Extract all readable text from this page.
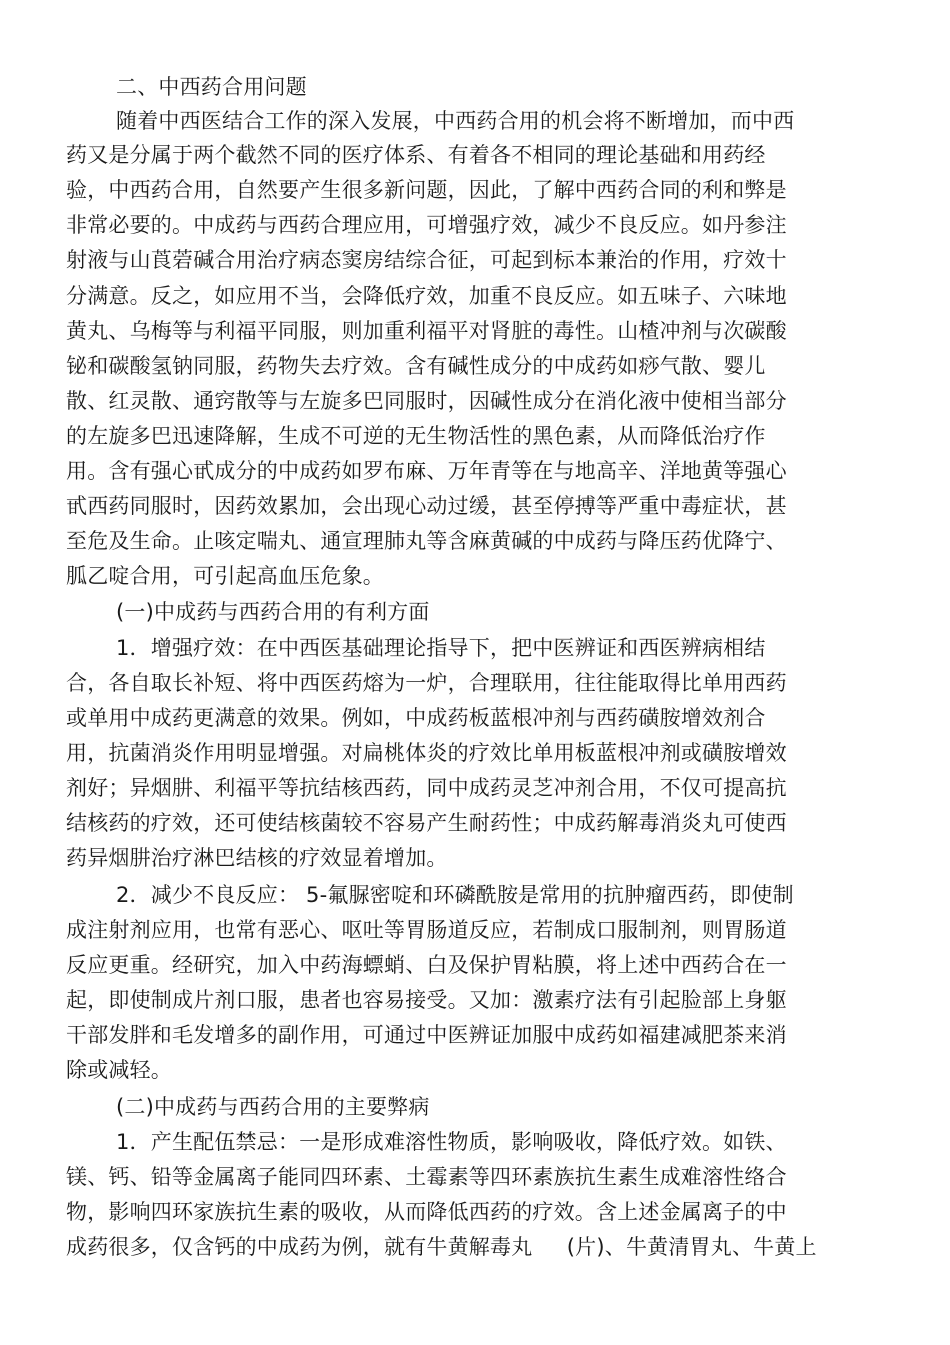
二、中西药合用问题
随着中西医结合工作的深入发展，中西药合用的机会将不断增加，而中西
药又是分属于两个截然不同的医疗体系、有着各不相同的理论基础和用药经
验，中西药合用，自然要产生很多新问题，因此，了解中西药合同的利和弊是
非常必要的。中成药与西药合理应用，可增强疗效，减少不良反应。如丹参注
射液与山莨菪碱合用治疗病态窦房结综合征，可起到标本兼治的作用，疗效十
分满意。反之，如应用不当，会降低疗效，加重不良反应。如五味子、六味地
黄丸、乌梅等与利福平同服，则加重利福平对肾脏的毒性。山楂冲剂与次碳酸
铋和碳酸氢钠同服，药物失去疗效。含有碱性成分的中成药如痧气散、婴儿
散、红灵散、通窍散等与左旋多巴同服时，因碱性成分在消化液中使相当部分
的左旋多巴迅速降解，生成不可逆的无生物活性的黑色素，从而降低治疗作
用。含有强心甙成分的中成药如罗布麻、万年青等在与地高辛、洋地黄等强心
甙西药同服时，因药效累加，会出现心动过缓，甚至停搏等严重中毒症状，甚
至危及生命。止咳定喘丸、通宣理肺丸等含麻黄碱的中成药与降压药优降宁、
胍乙啶合用，可引起高血压危象。
(一)中成药与西药合用的有利方面
1．增强疗效：在中西医基础理论指导下，把中医辨证和西医辨病相结
合，各自取长补短、将中西医药熔为一炉，合理联用，往往能取得比单用西药
或单用中成药更满意的效果。例如，中成药板蓝根冲剂与西药磺胺增效剂合
用，抗菌消炎作用明显增强。对扁桃体炎的疗效比单用板蓝根冲剂或磺胺增效
剂好；异烟肼、利福平等抗结核西药，同中成药灵芝冲剂合用，不仅可提高抗
结核药的疗效，还可使结核菌较不容易产生耐药性；中成药解毒消炎丸可使西
药异烟肼治疗淋巴结核的疗效显着增加。
2．减少不良反应： 5-氟脲密啶和环磷酰胺是常用的抗肿瘤西药，即使制
成注射剂应用，也常有恶心、呕吐等胃肠道反应，若制成口服制剂，则胃肠道
反应更重。经研究，加入中药海螵蛸、白及保护胃粘膜，将上述中西药合在一
起，即使制成片剂口服，患者也容易接受。又加：激素疗法有引起脸部上身躯
干部发胖和毛发增多的副作用，可通过中医辨证加服中成药如福建减肥茶来消
除或减轻。
(二)中成药与西药合用的主要弊病
1．产生配伍禁忌：一是形成难溶性物质，影响吸收，降低疗效。如铁、
镁、钙、铅等金属离子能同四环素、土霉素等四环素族抗生素生成难溶性络合
物，影响四环家族抗生素的吸收，从而降低西药的疗效。含上述金属离子的中
成药很多，仅含钙的中成药为例，就有牛黄解毒丸     (片)、牛黄清胃丸、牛黄上
